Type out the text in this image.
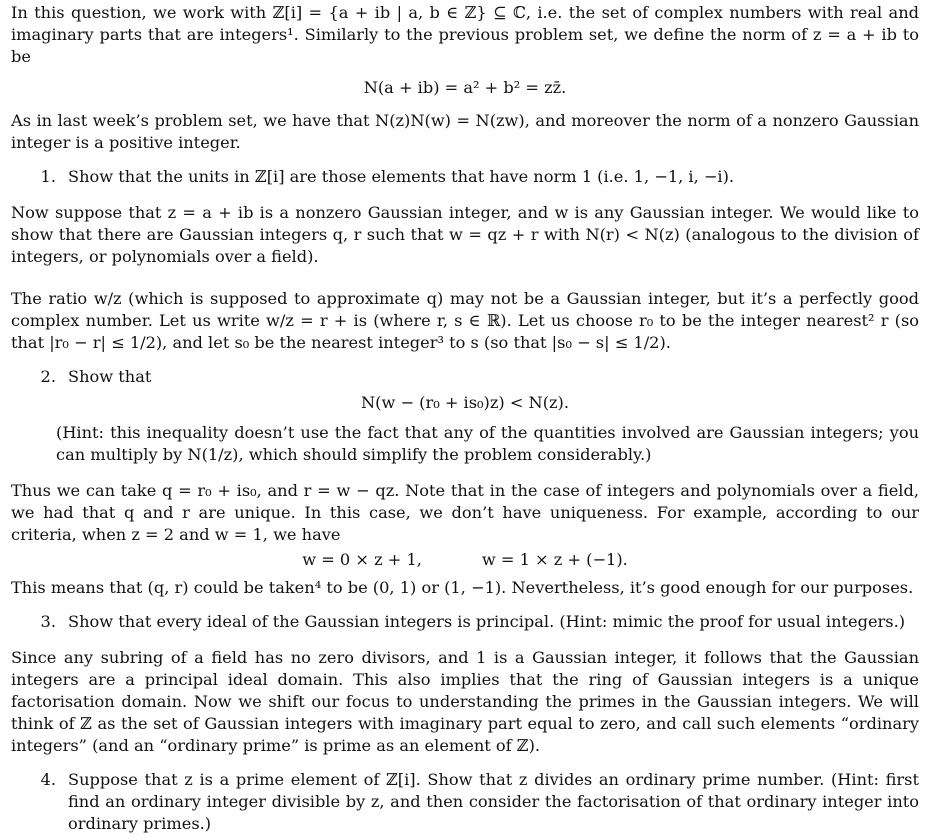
In this question, we work with ℤ[i] = {a + ib | a, b ∈ ℤ} ⊆ ℂ, i.e. the set of complex numbers with real and imaginary parts that are integers¹. Similarly to the previous problem set, we define the norm of z = a + ib to be

N(a + ib) = a² + b² = zz̄.

As in last week’s problem set, we have that N(z)N(w) = N(zw), and moreover the norm of a nonzero Gaussian integer is a positive integer.

1. Show that the units in ℤ[i] are those elements that have norm 1 (i.e. 1, −1, i, −i).

Now suppose that z = a + ib is a nonzero Gaussian integer, and w is any Gaussian integer. We would like to show that there are Gaussian integers q, r such that w = qz + r with N(r) < N(z) (analogous to the division of integers, or polynomials over a field).

The ratio w/z (which is supposed to approximate q) may not be a Gaussian integer, but it’s a perfectly good complex number. Let us write w/z = r + is (where r, s ∈ ℝ). Let us choose r₀ to be the integer nearest² r (so that |r₀ − r| ≤ 1/2), and let s₀ be the nearest integer³ to s (so that |s₀ − s| ≤ 1/2).

2. Show that
N(w − (r₀ + is₀)z) < N(z).

(Hint: this inequality doesn’t use the fact that any of the quantities involved are Gaussian integers; you can multiply by N(1/z), which should simplify the problem considerably.)

Thus we can take q = r₀ + is₀, and r = w − qz. Note that in the case of integers and polynomials over a field, we had that q and r are unique. In this case, we don’t have uniqueness. For example, according to our criteria, when z = 2 and w = 1, we have

w = 0 × z + 1,	w = 1 × z + (−1).

This means that (q, r) could be taken⁴ to be (0, 1) or (1, −1). Nevertheless, it’s good enough for our purposes.

3. Show that every ideal of the Gaussian integers is principal. (Hint: mimic the proof for usual integers.)

Since any subring of a field has no zero divisors, and 1 is a Gaussian integer, it follows that the Gaussian integers are a principal ideal domain. This also implies that the ring of Gaussian integers is a unique factorisation domain. Now we shift our focus to understanding the primes in the Gaussian integers. We will think of ℤ as the set of Gaussian integers with imaginary part equal to zero, and call such elements “ordinary integers” (and an “ordinary prime” is prime as an element of ℤ).

4. Suppose that z is a prime element of ℤ[i]. Show that z divides an ordinary prime number. (Hint: first find an ordinary integer divisible by z, and then consider the factorisation of that ordinary integer into ordinary primes.)
